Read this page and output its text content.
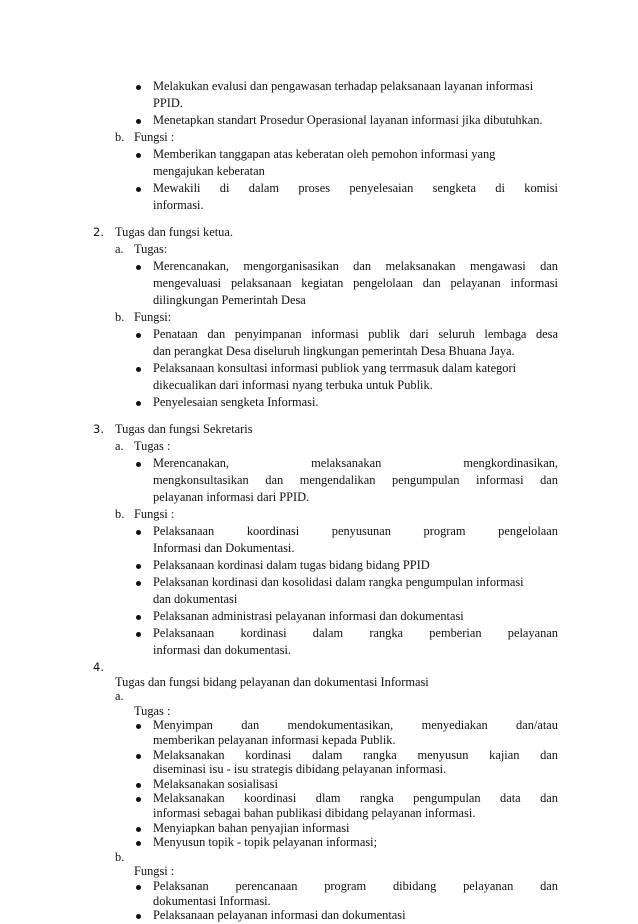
Melakukan evalusi dan pengawasan terhadap pelaksanaan layanan informasi
PPID.
Menetapkan standart Prosedur Operasional layanan informasi jika dibutuhkan.
b. Fungsi :
Memberikan tanggapan atas keberatan oleh pemohon informasi yang
mengajukan keberatan
Mewakili di dalam proses penyelesaian sengketa di komisi
informasi.
2. Tugas dan fungsi ketua.
a. Tugas:
Merencanakan, mengorganisasikan dan melaksanakan mengawasi dan
mengevaluasi pelaksanaan kegiatan pengelolaan dan pelayanan informasi
dilingkungan Pemerintah Desa
b. Fungsi:
Penataan dan penyimpanan informasi publik dari seluruh lembaga desa
dan perangkat Desa diseluruh lingkungan pemerintah Desa Bhuana Jaya.
Pelaksanaan konsultasi informasi publiok yang terrmasuk dalam kategori
dikecualikan dari informasi nyang terbuka untuk Publik.
Penyelesaian sengketa Informasi.
3. Tugas dan fungsi Sekretaris
a. Tugas :
Merencanakan, melaksanakan mengkordinasikan,
mengkonsultasikan dan mengendalikan pengumpulan informasi dan
pelayanan informasi dari PPID.
b. Fungsi :
Pelaksanaan koordinasi penyusunan program pengelolaan
Informasi dan Dokumentasi.
Pelaksanaan kordinasi dalam tugas bidang bidang PPID
Pelaksanan kordinasi dan kosolidasi dalam rangka pengumpulan informasi
dan dokumentasi
Pelaksanan administrasi pelayanan informasi dan dokumentasi
Pelaksanaan kordinasi dalam rangka pemberian pelayanan
informasi dan dokumentasi.
4.
Tugas dan fungsi bidang pelayanan dan dokumentasi Informasi
a.
Tugas :
Menyimpan dan mendokumentasikan, menyediakan dan/atau
memberikan pelayanan informasi kepada Publik.
Melaksanakan kordinasi dalam rangka menyusun kajian dan
diseminasi isu - isu strategis dibidang pelayanan informasi.
Melaksanakan sosialisasi
Melaksanakan koordinasi dlam rangka pengumpulan data dan
informasi sebagai bahan publikasi dibidang pelayanan informasi.
Menyiapkan bahan penyajian informasi
Menyusun topik - topik pelayanan informasi;
b.
Fungsi :
Pelaksanan perencanaan program dibidang pelayanan dan
dokumentasi Informasi.
Pelaksanaan pelayanan informasi dan dokumentasi
